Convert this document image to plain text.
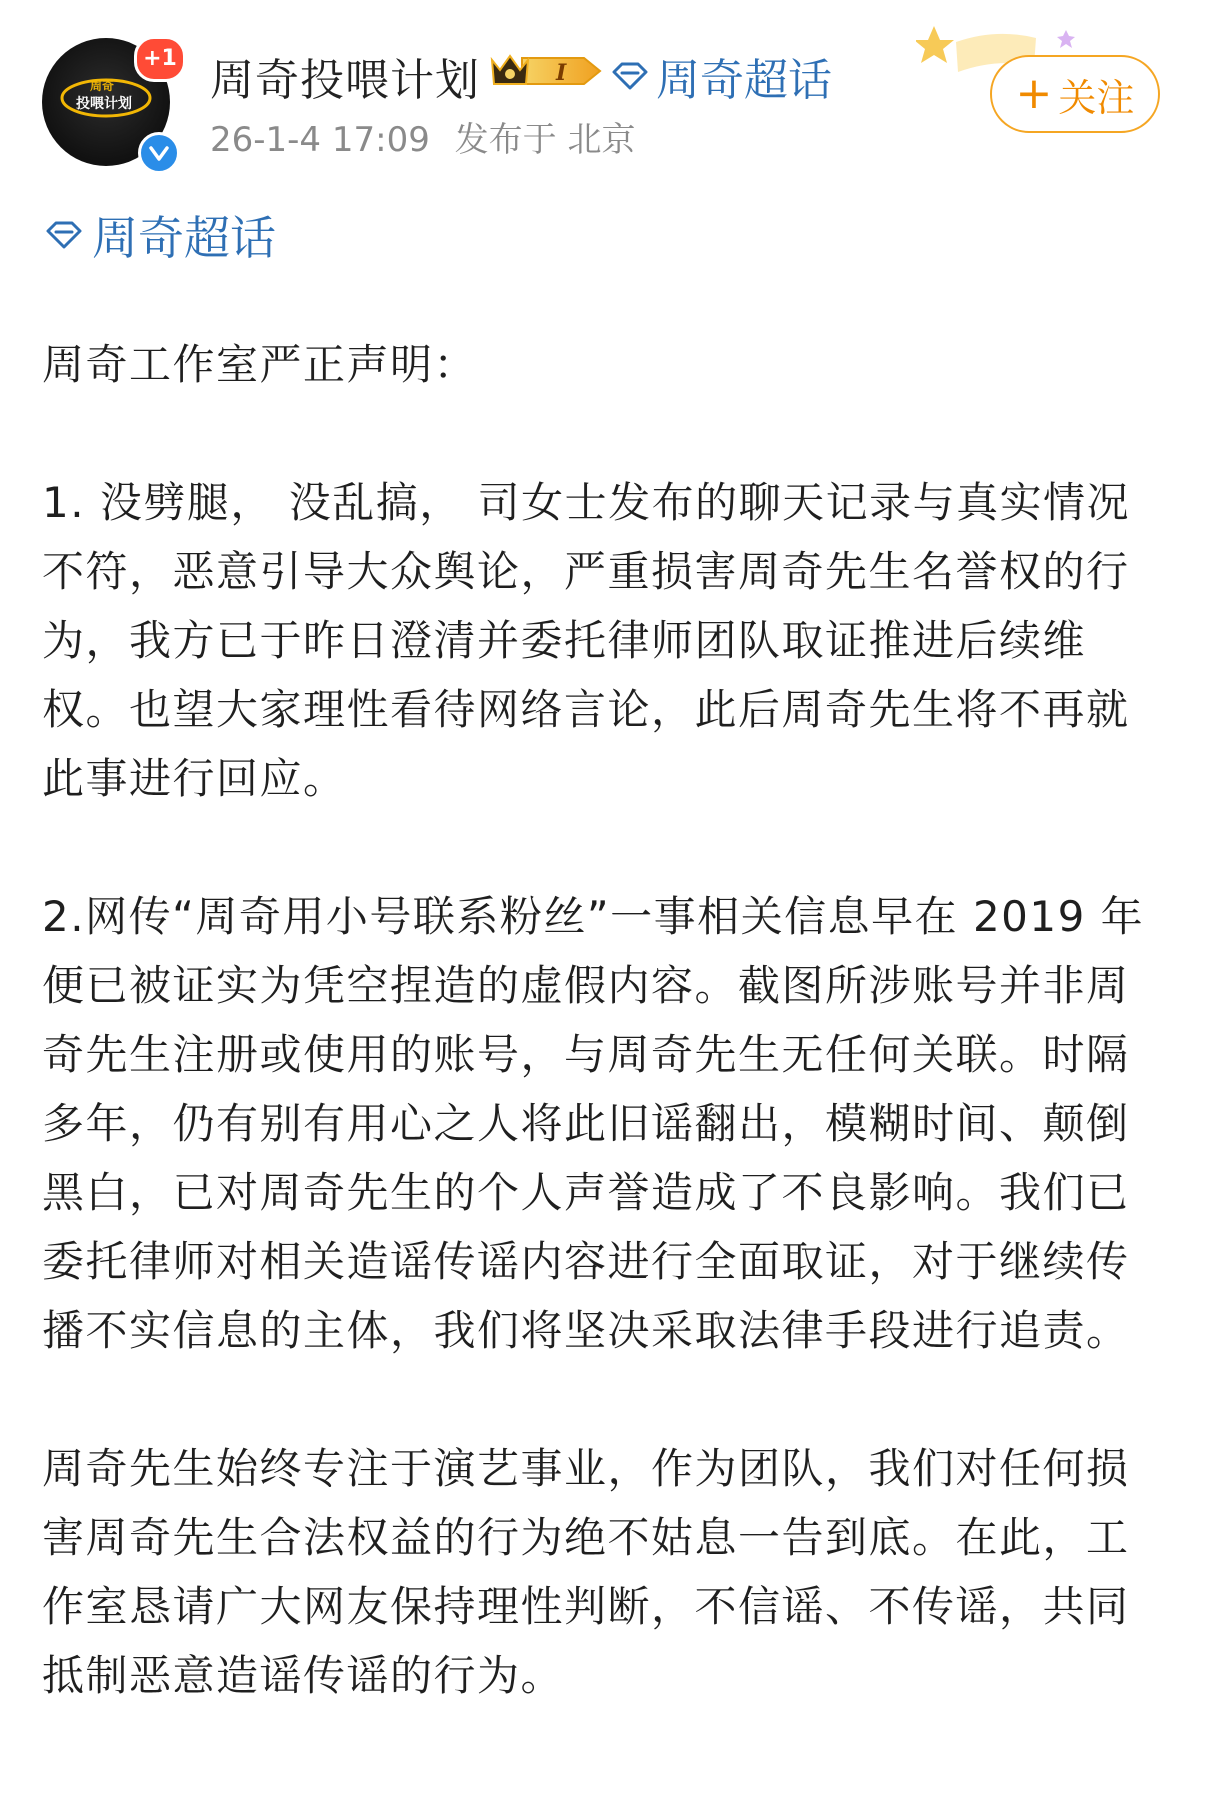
周奇
投喂计划
+1 周奇投喂计划	I 周奇超话
26-1-4 17:09 发布于 北京
+ 关注
周奇超话

周奇工作室严正声明：

1. 没劈腿， 没乱搞， 司女士发布的聊天记录与真实情况不符，恶意引导大众舆论，严重损害周奇先生名誉权的行为，我方已于昨日澄清并委托律师团队取证推进后续维权。也望大家理性看待网络言论，此后周奇先生将不再就此事进行回应。

2.网传“周奇用小号联系粉丝”一事相关信息早在 2019 年便已被证实为凭空捏造的虚假内容。截图所涉账号并非周奇先生注册或使用的账号，与周奇先生无任何关联。时隔多年，仍有别有用心之人将此旧谣翻出，模糊时间、颠倒黑白，已对周奇先生的个人声誉造成了不良影响。我们已委托律师对相关造谣传谣内容进行全面取证，对于继续传播不实信息的主体，我们将坚决采取法律手段进行追责。

周奇先生始终专注于演艺事业，作为团队，我们对任何损害周奇先生合法权益的行为绝不姑息一告到底。在此，工作室恳请广大网友保持理性判断，不信谣、不传谣，共同抵制恶意造谣传谣的行为。
